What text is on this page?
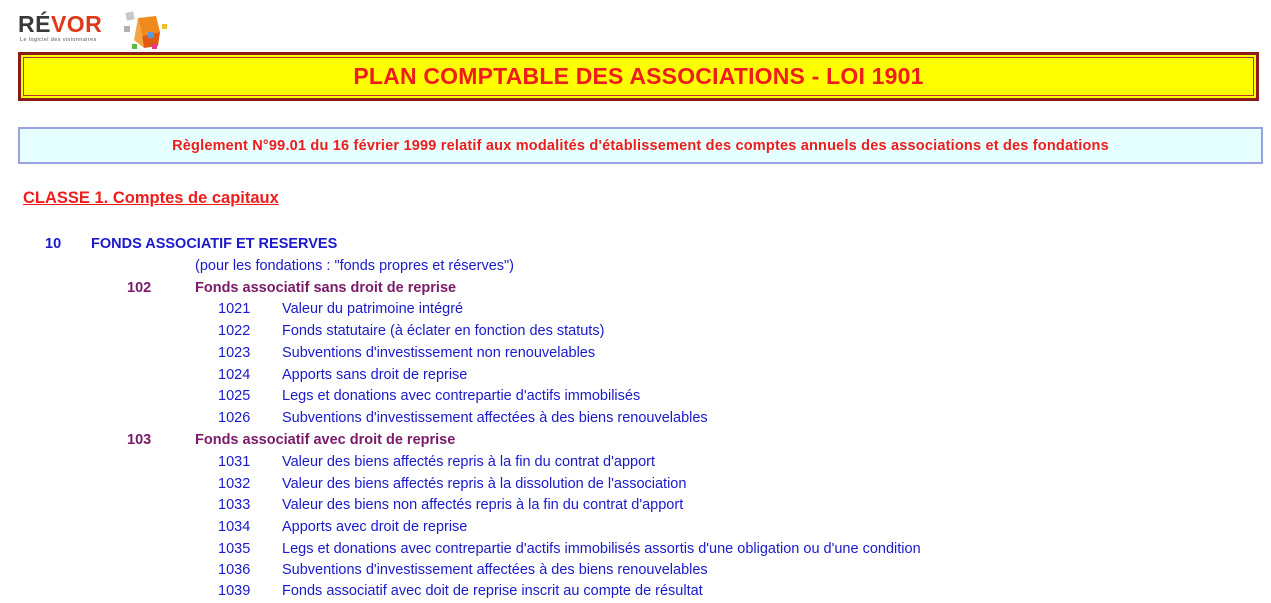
RÉVOR
Le logiciel des visionnaires
PLAN COMPTABLE DES ASSOCIATIONS - LOI 1901
Règlement N°99.01 du 16 février 1999 relatif aux modalités d'établissement des comptes annuels des associations et des fondations
CLASSE 1. Comptes de capitaux
10 FONDS ASSOCIATIF ET RESERVES
(pour les fondations : "fonds propres et réserves")
102	Fonds associatif sans droit de reprise
1021 Valeur du patrimoine intégré
1022 Fonds statutaire (à éclater en fonction des statuts)
1023 Subventions d'investissement non renouvelables
1024 Apports sans droit de reprise
1025 Legs et donations avec contrepartie d'actifs immobilisés
1026 Subventions d'investissement affectées à des biens renouvelables
103	Fonds associatif avec droit de reprise
1031 Valeur des biens affectés repris à la fin du contrat d'apport
1032 Valeur des biens affectés repris à la dissolution de l'association
1033 Valeur des biens non affectés repris à la fin du contrat d'apport
1034 Apports avec droit de reprise
1035 Legs et donations avec contrepartie d'actifs immobilisés assortis d'une obligation ou d'une condition
1036 Subventions d'investissement affectées à des biens renouvelables
1039 Fonds associatif avec doit de reprise inscrit au compte de résultat
